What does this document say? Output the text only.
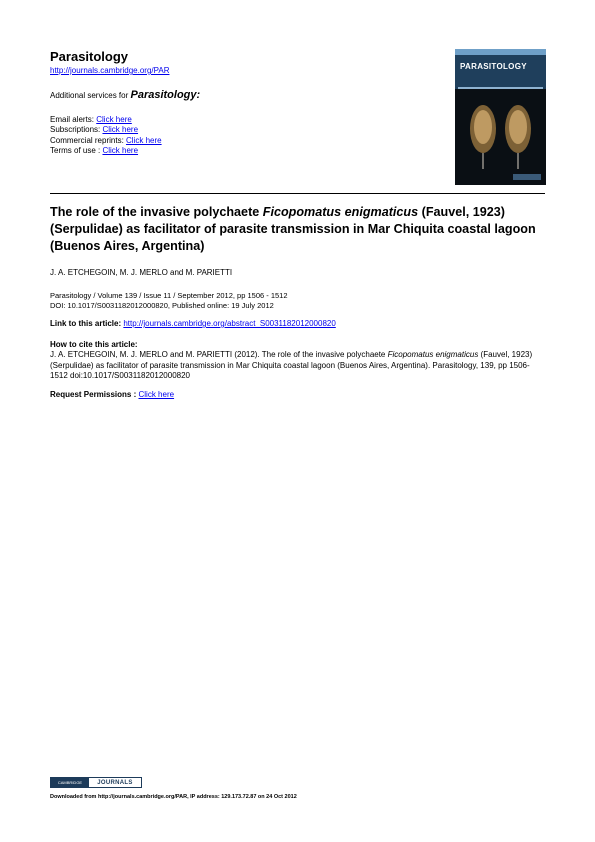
Parasitology
http://journals.cambridge.org/PAR
Additional services for Parasitology:
Email alerts: Click here
Subscriptions: Click here
Commercial reprints: Click here
Terms of use : Click here
PARASITOLOGY
The role of the invasive polychaete Ficopomatus enigmaticus (Fauvel, 1923) (Serpulidae) as facilitator of parasite transmission in Mar Chiquita coastal lagoon (Buenos Aires, Argentina)
J. A. ETCHEGOIN, M. J. MERLO and M. PARIETTI
Parasitology / Volume 139 / Issue 11 / September 2012, pp 1506 - 1512
DOI: 10.1017/S0031182012000820, Published online: 19 July 2012
Link to this article: http://journals.cambridge.org/abstract_S0031182012000820
How to cite this article:
J. A. ETCHEGOIN, M. J. MERLO and M. PARIETTI (2012). The role of the invasive polychaete Ficopomatus enigmaticus (Fauvel, 1923) (Serpulidae) as facilitator of parasite transmission in Mar Chiquita coastal lagoon (Buenos Aires, Argentina). Parasitology, 139, pp 1506-1512 doi:10.1017/S0031182012000820
Request Permissions : Click here
CAMBRIDGE	JOURNALS
Downloaded from http://journals.cambridge.org/PAR, IP address: 129.173.72.87 on 24 Oct 2012
